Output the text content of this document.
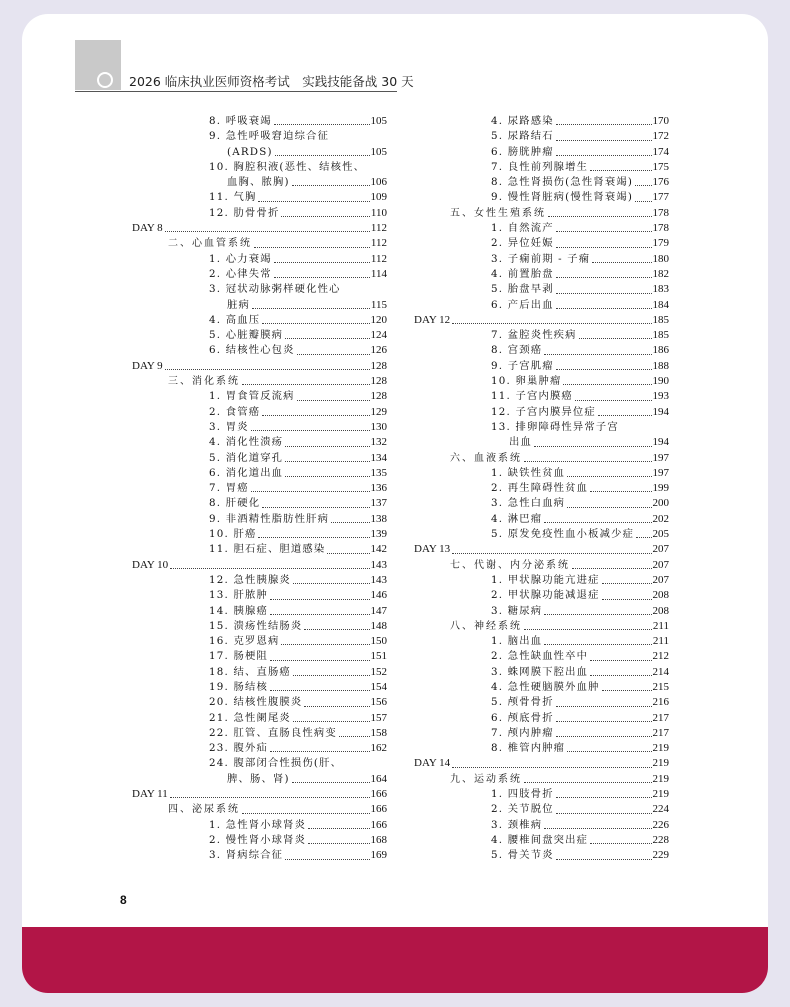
2026 临床执业医师资格考试　实践技能备战 30 天
8. 呼吸衰竭	105
9. 急性呼吸窘迫综合征
(ARDS)	105
10. 胸腔积液(恶性、结核性、
血胸、脓胸)	106
11. 气胸	109
12. 肋骨骨折	110
DAY 8	112
二、心血管系统	112
1. 心力衰竭	112
2. 心律失常	114
3. 冠状动脉粥样硬化性心
脏病	115
4. 高血压	120
5. 心脏瓣膜病	124
6. 结核性心包炎	126
DAY 9	128
三、消化系统	128
1. 胃食管反流病	128
2. 食管癌	129
3. 胃炎	130
4. 消化性溃疡	132
5. 消化道穿孔	134
6. 消化道出血	135
7. 胃癌	136
8. 肝硬化	137
9. 非酒精性脂肪性肝病	138
10. 肝癌	139
11. 胆石症、胆道感染	142
DAY 10	143
12. 急性胰腺炎	143
13. 肝脓肿	146
14. 胰腺癌	147
15. 溃疡性结肠炎	148
16. 克罗恩病	150
17. 肠梗阻	151
18. 结、直肠癌	152
19. 肠结核	154
20. 结核性腹膜炎	156
21. 急性阑尾炎	157
22. 肛管、直肠良性病变	158
23. 腹外疝	162
24. 腹部闭合性损伤(肝、
脾、肠、肾)	164
DAY 11	166
四、泌尿系统	166
1. 急性肾小球肾炎	166
2. 慢性肾小球肾炎	168
3. 肾病综合征	169
4. 尿路感染	170
5. 尿路结石	172
6. 膀胱肿瘤	174
7. 良性前列腺增生	175
8. 急性肾损伤(急性肾衰竭) 176
9. 慢性肾脏病(慢性肾衰竭) 177
五、女性生殖系统	178
1. 自然流产	178
2. 异位妊娠	179
3. 子痫前期 - 子痫	180
4. 前置胎盘	182
5. 胎盘早剥	183
6. 产后出血	184
DAY 12	185
7. 盆腔炎性疾病	185
8. 宫颈癌	186
9. 子宫肌瘤	188
10. 卵巢肿瘤	190
11. 子宫内膜癌	193
12. 子宫内膜异位症	194
13. 排卵障碍性异常子宫
出血	194
六、血液系统	197
1. 缺铁性贫血	197
2. 再生障碍性贫血	199
3. 急性白血病	200
4. 淋巴瘤	202
5. 原发免疫性血小板减少症 205
DAY 13	207
七、代谢、内分泌系统	207
1. 甲状腺功能亢进症	207
2. 甲状腺功能减退症	208
3. 糖尿病	208
八、神经系统	211
1. 脑出血	211
2. 急性缺血性卒中	212
3. 蛛网膜下腔出血	214
4. 急性硬脑膜外血肿	215
5. 颅骨骨折	216
6. 颅底骨折	217
7. 颅内肿瘤	217
8. 椎管内肿瘤	219
DAY 14	219
九、运动系统	219
1. 四肢骨折	219
2. 关节脱位	224
3. 颈椎病	226
4. 腰椎间盘突出症	228
5. 骨关节炎	229
8
